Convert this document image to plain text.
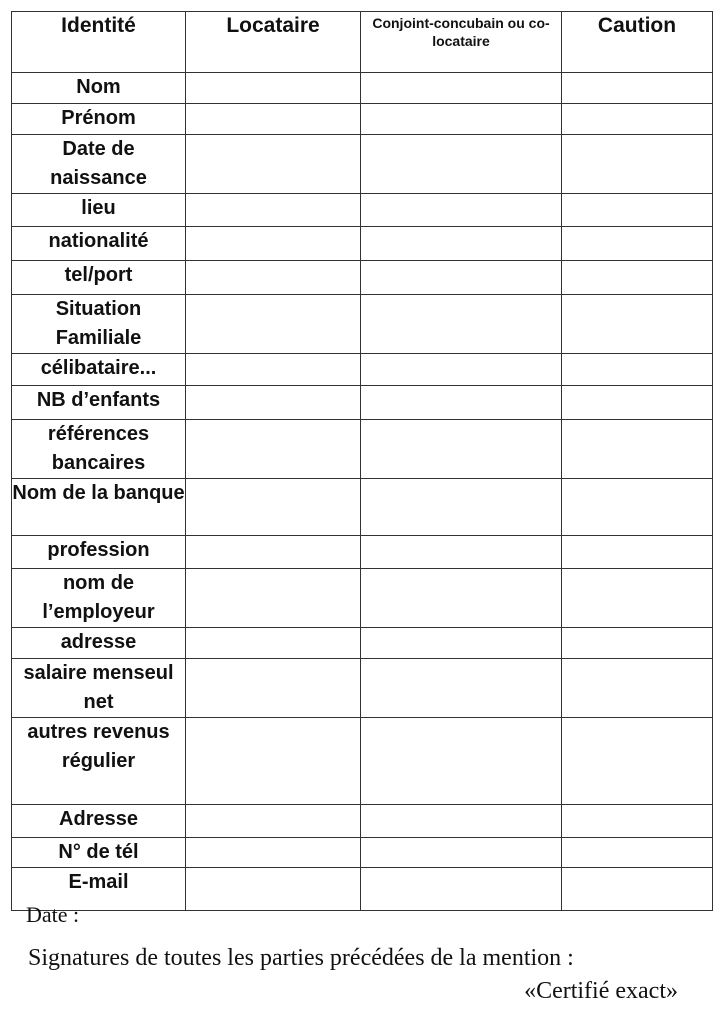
Identité	Locataire	Conjoint-concubain ou co-locataire	Caution
Nom			
Prénom			
Date de naissance			
lieu			
nationalité			
tel/port			
Situation Familiale			
célibataire...			
NB d’enfants			
références bancaires			
Nom de la banque			
profession			
nom de l’employeur			
adresse			
salaire menseul net			
autres revenus régulier			
Adresse			
N° de tél			
E-mail			
Date :
Signatures de toutes les parties précédées de la mention :
«Certifié exact»
